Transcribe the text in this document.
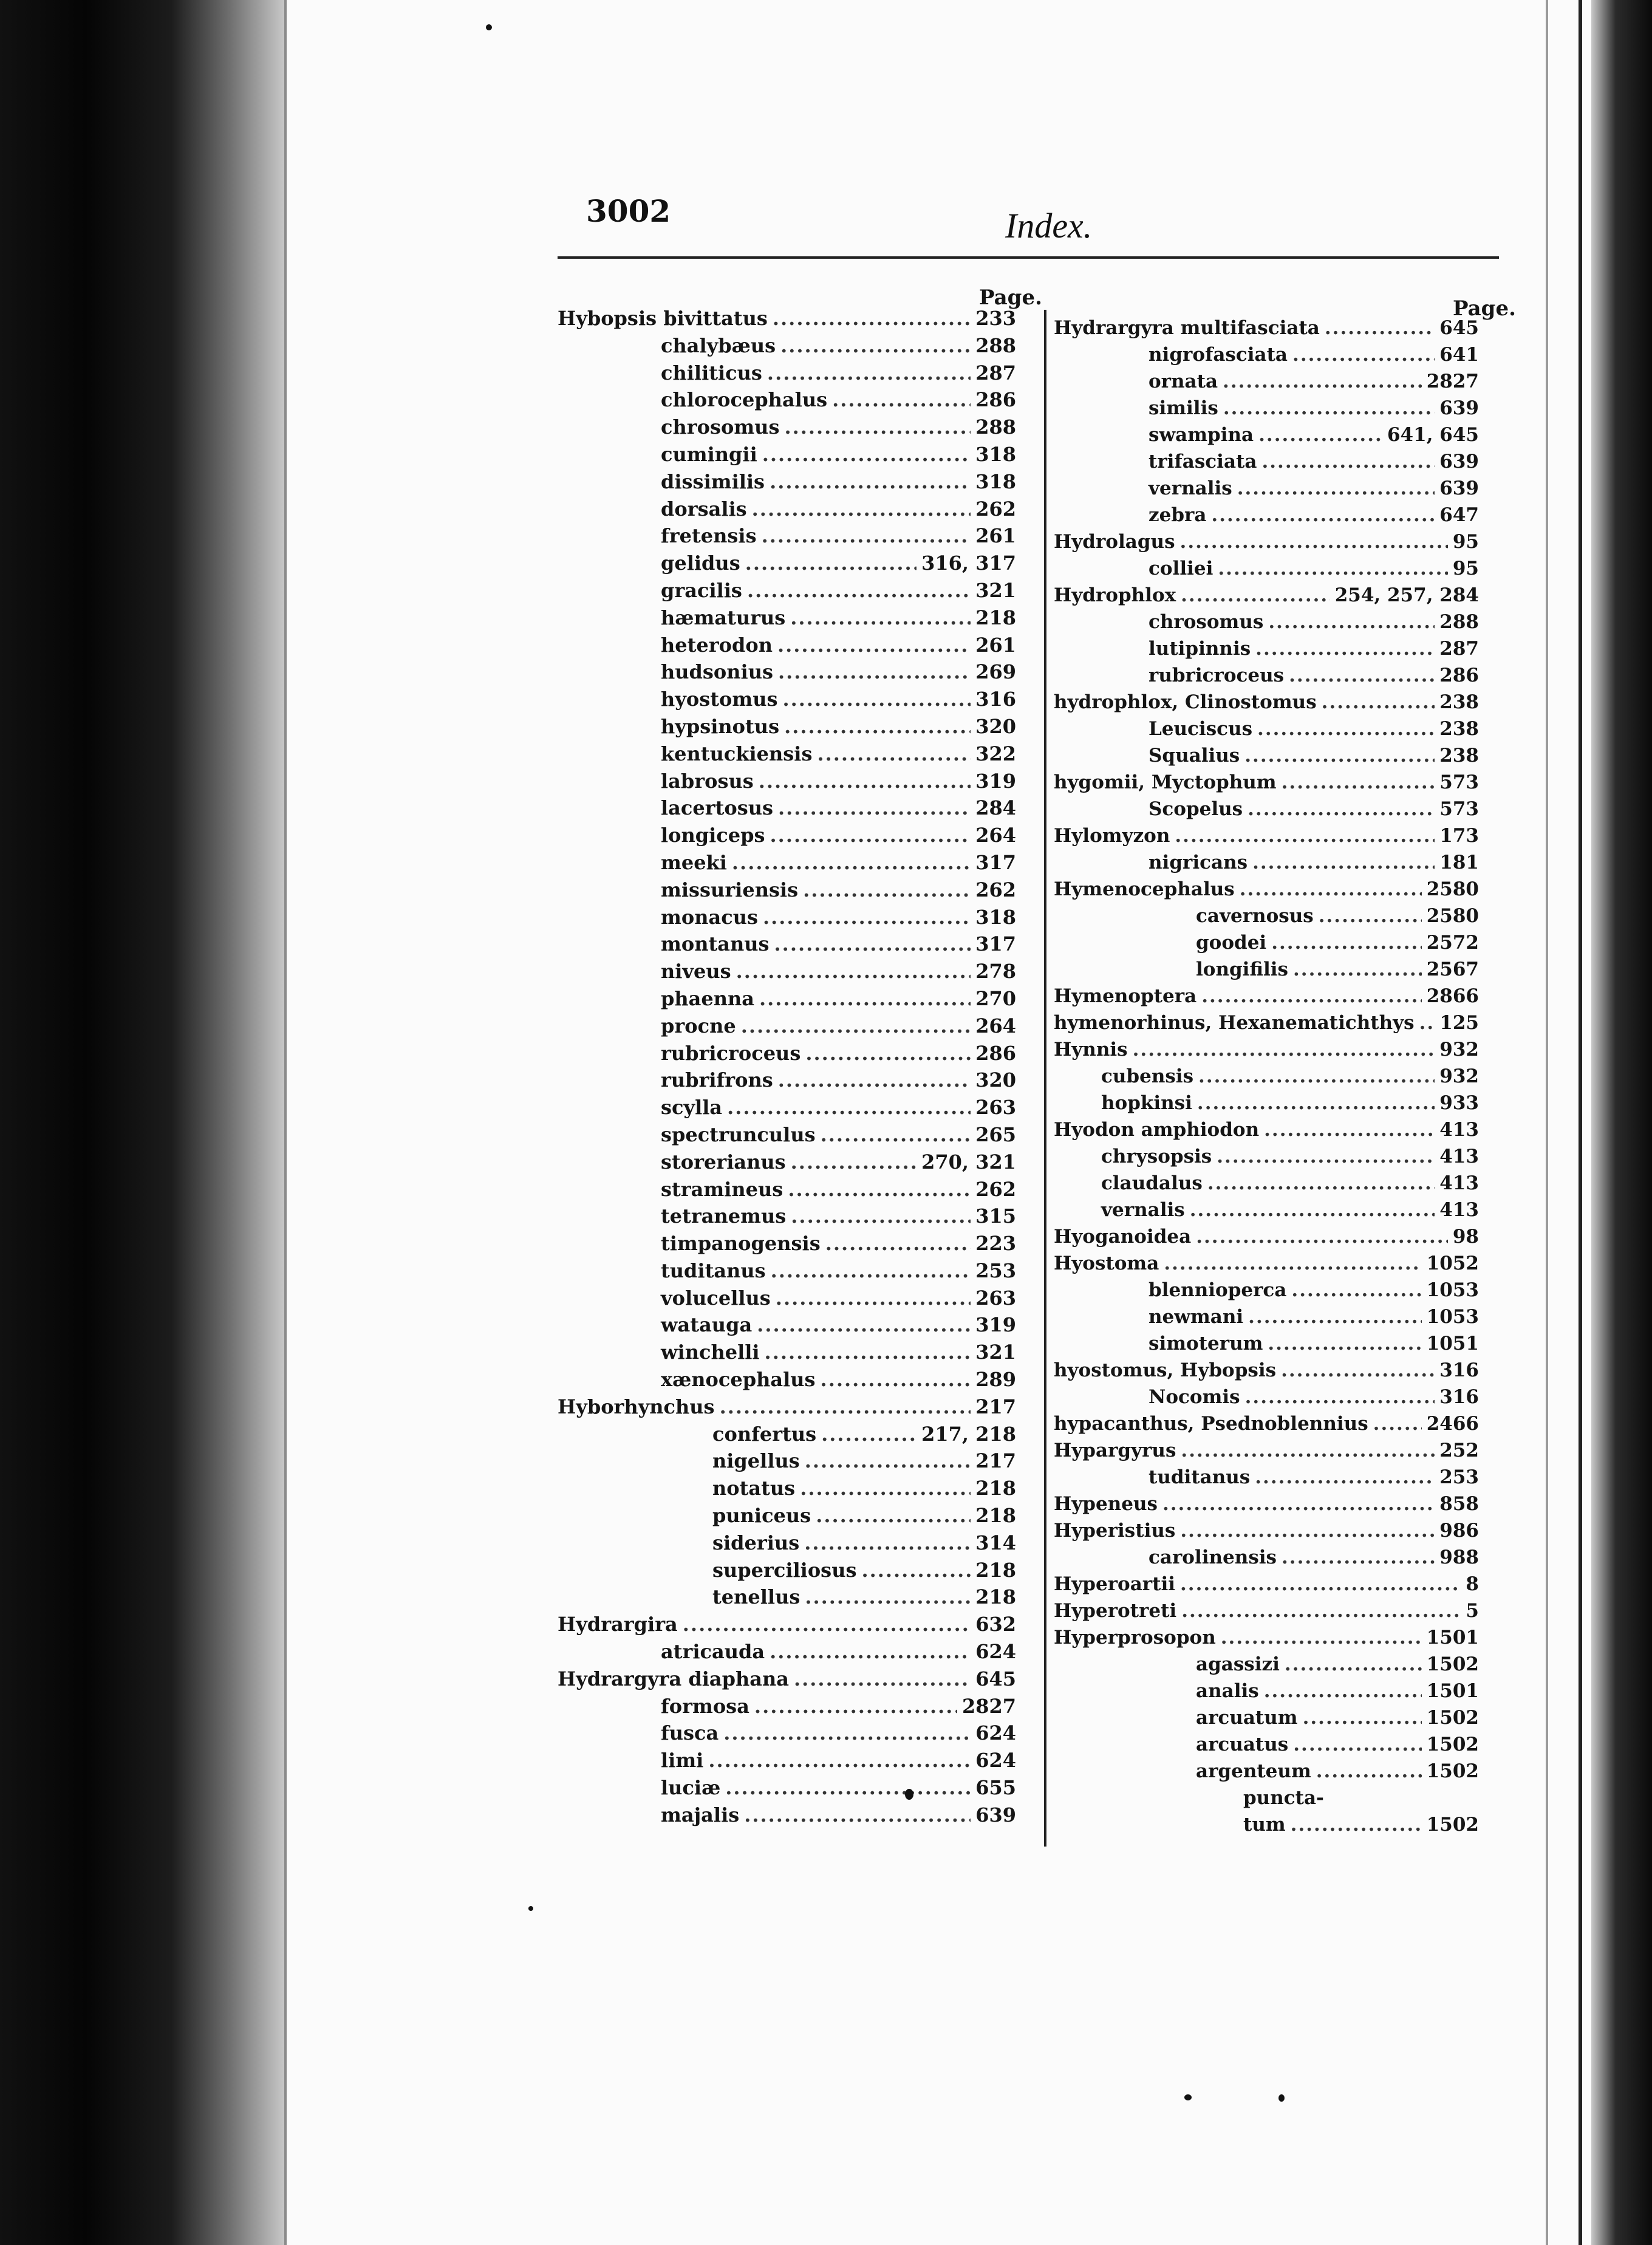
3002	Index.
Page.	Page.
Hybopsis bivittatus .....	233
chalybæus .....	288
chiliticus .....	287
chlorocephalus .....	286
chrosomus .....	288
cumingii .....	318
dissimilis .....	318
dorsalis .....	262
fretensis .....	261
gelidus .....	316, 317
gracilis .....	321
hæmaturus .....	218
heterodon .....	261
hudsonius .....	269
hyostomus .....	316
hypsinotus .....	320
kentuckiensis .....	322
labrosus .....	319
lacertosus .....	284
longiceps .....	264
meeki .....	317
missuriensis .....	262
monacus .....	318
montanus .....	317
niveus .....	278
phaenna .....	270
procne .....	264
rubricroceus .....	286
rubrifrons .....	320
scylla .....	263
spectrunculus .....	265
storerianus .....	270, 321
stramineus .....	262
tetranemus .....	315
timpanogensis .....	223
tuditanus .....	253
volucellus .....	263
watauga .....	319
winchelli .....	321
xænocephalus .....	289
Hyborhynchus .....	217
confertus .....	217, 218
nigellus .....	217
notatus .....	218
puniceus .....	218
siderius .....	314
superciliosus .....	218
tenellus .....	218
Hydrargira .....	632
atricauda .....	624
Hydrargyra diaphana .....	645
formosa .....	2827
fusca .....	624
limi .....	624
luciæ .....	655
majalis .....	639
Hydrargyra multifasciata .....	645
nigrofasciata .....	641
ornata .....	2827
similis .....	639
swampina .....	641, 645
trifasciata .....	639
vernalis .....	639
zebra .....	647
Hydrolagus .....	95
colliei .....	95
Hydrophlox .....	254, 257, 284
chrosomus .....	288
lutipinnis .....	287
rubricroceus .....	286
hydrophlox, Clinostomus .....	238
Leuciscus .....	238
Squalius .....	238
hygomii, Myctophum .....	573
Scopelus .....	573
Hylomyzon .....	173
nigricans .....	181
Hymenocephalus .....	2580
cavernosus .....	2580
goodei .....	2572
longifilis .....	2567
Hymenoptera .....	2866
hymenorhinus, Hexanematichthys ..... 125
Hynnis .....	932
cubensis .....	932
hopkinsi .....	933
Hyodon amphiodon .....	413
chrysopsis .....	413
claudalus .....	413
vernalis .....	413
Hyoganoidea .....	98
Hyostoma .....	1052
blennioperca .....	1053
newmani .....	1053
simoterum .....	1051
hyostomus, Hybopsis .....	316
Nocomis .....	316
hypacanthus, Psednoblennius .....	2466
Hypargyrus .....	252
tuditanus .....	253
Hypeneus .....	858
Hyperistius .....	986
carolinensis .....	988
Hyperoartii .....	8
Hyperotreti .....	5
Hyperprosopon .....	1501
agassizi .....	1502
analis .....	1501
arcuatum .....	1502
arcuatus .....	1502
argenteum .....	1502
puncta-
tum .....	1502
